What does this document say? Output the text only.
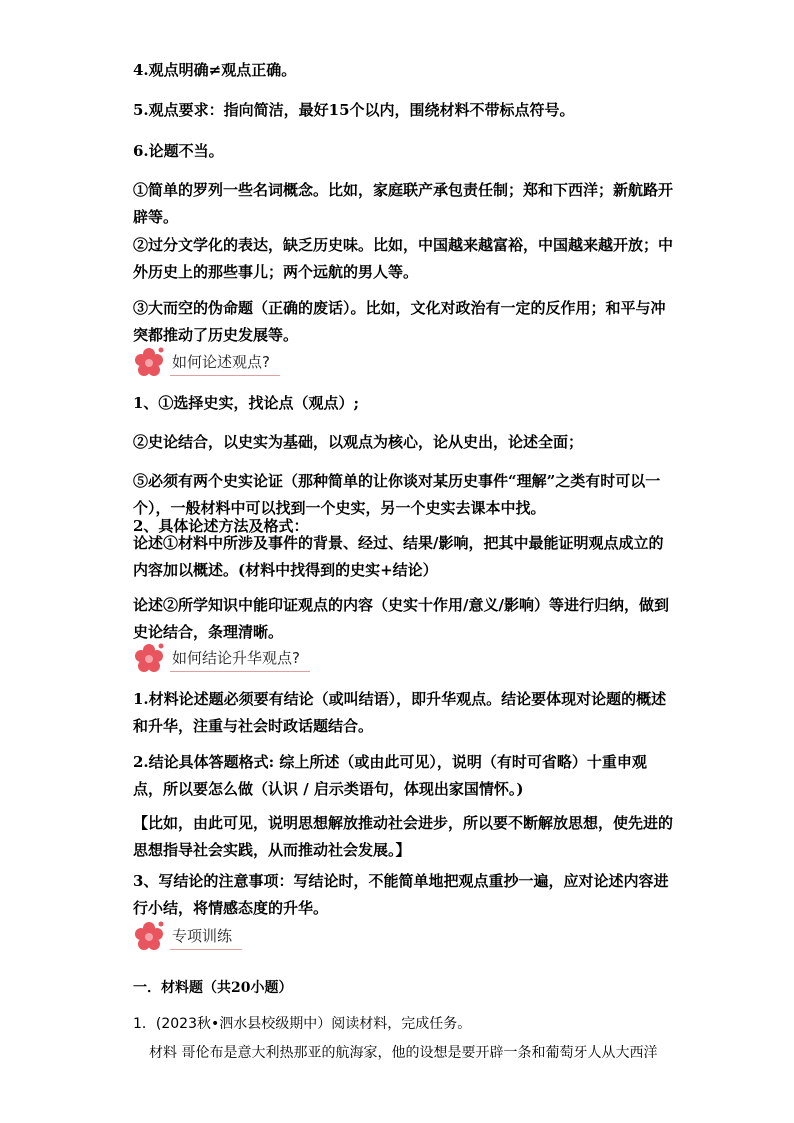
4.观点明确≠观点正确。
5.观点要求：指向简洁，最好15个以内，围绕材料不带标点符号。
6.论题不当。
①简单的罗列一些名词概念。比如，家庭联产承包责任制；郑和下西洋；新航路开辟等。
②过分文学化的表达，缺乏历史味。比如，中国越来越富裕，中国越来越开放；中外历史上的那些事儿；两个远航的男人等。
③大而空的伪命题（正确的废话）。比如，文化对政治有一定的反作用；和平与冲突都推动了历史发展等。
如何论述观点?
1、①选择史实，找论点（观点）;
②史论结合，以史实为基础，以观点为核心，论从史出，论述全面；
⑤必须有两个史实论证（那种简单的让你谈对某历史事件“理解”之类有时可以一个），一般材料中可以找到一个史实，另一个史实去课本中找。
2、具体论述方法及格式：
论述①材料中所涉及事件的背景、经过、结果/影响，把其中最能证明观点成立的内容加以概述。(材料中找得到的史实+结论）
论述②所学知识中能印证观点的内容（史实十作用/意义/影响）等进行归纳，做到史论结合，条理清晰。
如何结论升华观点?
1.材料论述题必须要有结论（或叫结语），即升华观点。结论要体现对论题的概述和升华，注重与社会时政话题结合。
2.结论具体答题格式: 综上所述（或由此可见），说明（有时可省略）十重申观点，所以要怎么做（认识 / 启示类语句，体现出家国情怀。)
【比如，由此可见，说明思想解放推动社会进步，所以要不断解放思想，使先进的思想指导社会实践，从而推动社会发展。】
3、写结论的注意事项：写结论时，不能简单地把观点重抄一遍，应对论述内容进行小结，将情感态度的升华。
专项训练
一．材料题（共20小题）
1．(2023秋•泗水县校级期中）阅读材料，完成任务。
材料 哥伦布是意大利热那亚的航海家，他的设想是要开辟一条和葡萄牙人从大西洋
